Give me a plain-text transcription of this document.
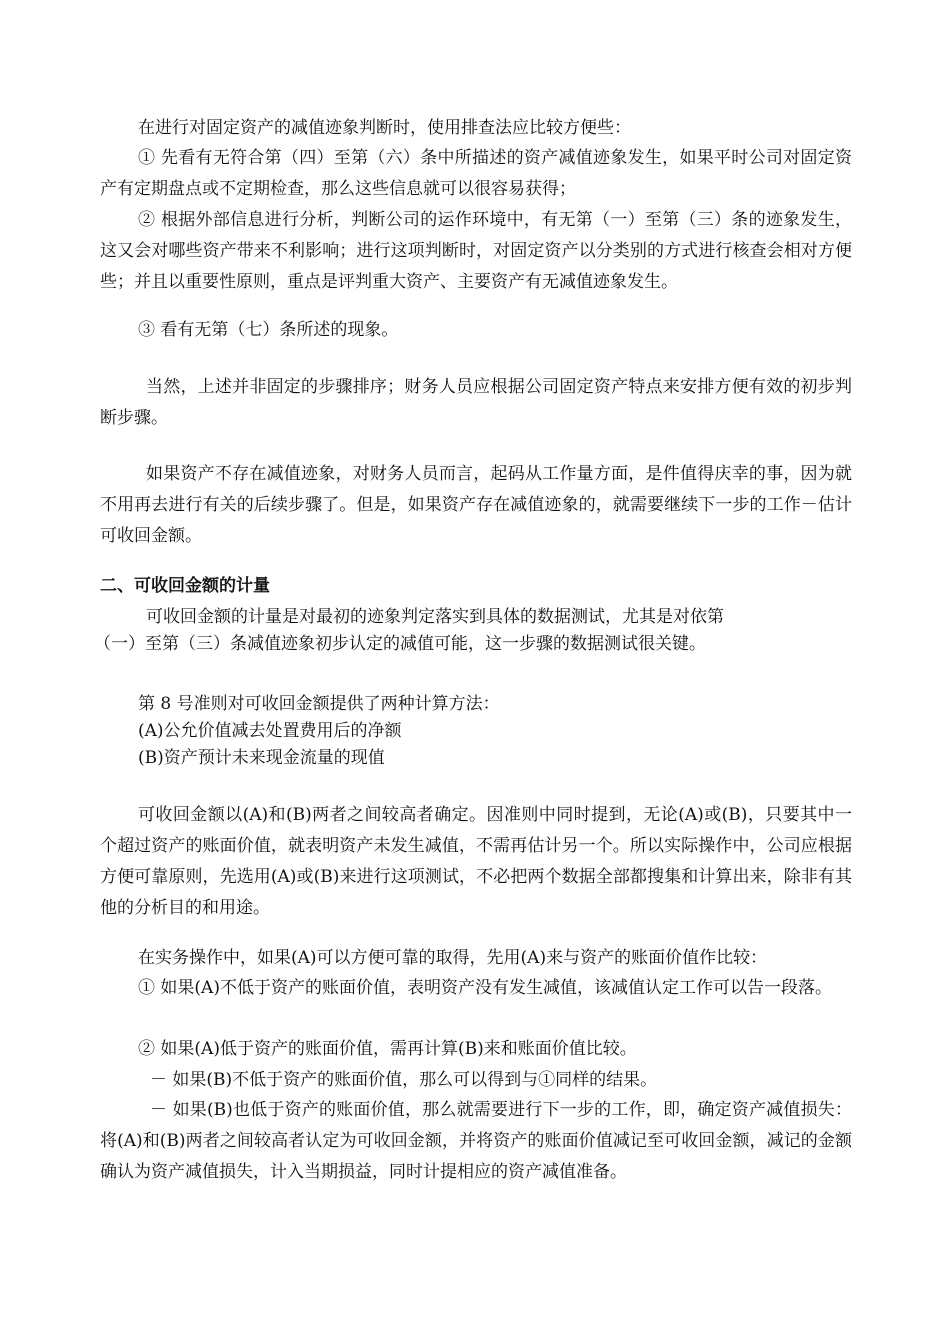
在进行对固定资产的减值迹象判断时，使用排查法应比较方便些：

① 先看有无符合第（四）至第（六）条中所描述的资产减值迹象发生，如果平时公司对固定资产有定期盘点或不定期检查，那么这些信息就可以很容易获得；

② 根据外部信息进行分析，判断公司的运作环境中，有无第（一）至第（三）条的迹象发生，这又会对哪些资产带来不利影响；进行这项判断时，对固定资产以分类别的方式进行核查会相对方便些；并且以重要性原则，重点是评判重大资产、主要资产有无减值迹象发生。

③ 看有无第（七）条所述的现象。

当然，上述并非固定的步骤排序；财务人员应根据公司固定资产特点来安排方便有效的初步判断步骤。

如果资产不存在减值迹象，对财务人员而言，起码从工作量方面，是件值得庆幸的事，因为就不用再去进行有关的后续步骤了。但是，如果资产存在减值迹象的，就需要继续下一步的工作－估计可收回金额。

二、可收回金额的计量

可收回金额的计量是对最初的迹象判定落实到具体的数据测试，尤其是对依第

（一）至第（三）条减值迹象初步认定的减值可能，这一步骤的数据测试很关键。

第 8 号准则对可收回金额提供了两种计算方法：

(A)公允价值减去处置费用后的净额

(B)资产预计未来现金流量的现值

可收回金额以(A)和(B)两者之间较高者确定。因准则中同时提到，无论(A)或(B)，只要其中一个超过资产的账面价值，就表明资产未发生减值，不需再估计另一个。所以实际操作中，公司应根据方便可靠原则，先选用(A)或(B)来进行这项测试，不必把两个数据全部都搜集和计算出来，除非有其他的分析目的和用途。

在实务操作中，如果(A)可以方便可靠的取得，先用(A)来与资产的账面价值作比较：

① 如果(A)不低于资产的账面价值，表明资产没有发生减值，该减值认定工作可以告一段落。

② 如果(A)低于资产的账面价值，需再计算(B)来和账面价值比较。

－ 如果(B)不低于资产的账面价值，那么可以得到与①同样的结果。

－ 如果(B)也低于资产的账面价值，那么就需要进行下一步的工作，即，确定资产减值损失：将(A)和(B)两者之间较高者认定为可收回金额，并将资产的账面价值减记至可收回金额，减记的金额确认为资产减值损失，计入当期损益，同时计提相应的资产减值准备。
